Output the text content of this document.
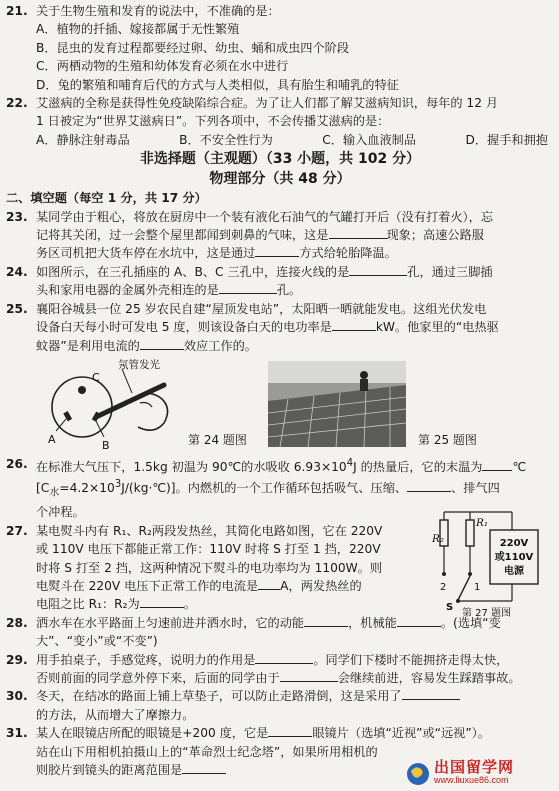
21. 关于生物生殖和发育的说法中，不准确的是：
A．植物的扦插、嫁接都属于无性繁殖
B．昆虫的发育过程都要经过卵、幼虫、蛹和成虫四个阶段
C．两栖动物的生殖和幼体发育必须在水中进行
D．兔的繁殖和哺育后代的方式与人类相似，具有胎生和哺乳的特征
22. 艾滋病的全称是获得性免疫缺陷综合症。为了让人们都了解艾滋病知识，每年的 12 月
1 日被定为“世界艾滋病日”。下列各项中，不会传播艾滋病的是：
A．静脉注射毒品	B．不安全性行为	C．输入血液制品	D．握手和拥抱
非选择题（主观题）（33 小题，共 102 分）
物理部分（共 48 分）
二、填空题（每空 1 分，共 17 分）
23. 某同学由于粗心，将放在厨房中一个装有液化石油气的气罐打开后（没有打着火），忘
记将其关闭，过一会整个屋里都闻到刺鼻的气味，这是	现象；高速公路服
务区司机把大货车停在水坑中，这是通过	方式给轮胎降温。
24. 如图所示，在三孔插座的 A、B、C 三孔中，连接火线的是	孔，通过三脚插
头和家用电器的金属外壳相连的是	孔。
25. 襄阳谷城县一位 25 岁农民自建“屋顶发电站”，太阳晒一晒就能发电。这组光伏发电
设备白天每小时可发电 5 度，则该设备白天的电功率是	kW。他家里的“电热驱
蚊器”是利用电流的	效应工作的。
氖管发光
A	B
C
第 24 题图	第 25 题图
26. 在标准大气压下，1.5kg 初温为 90℃的水吸收 $6.93\times 10^4J$ 的热量后，它的末温为 ℃
$[C_水=4.2\times 10^3J/(kg\cdot℃)]$。内燃机的一个工作循环包括吸气、压缩、	、排气四
个冲程。
27. 某电熨斗内有 R₁、R₂两段发热丝，其简化电路如图，它在 220V
或 110V 电压下都能正常工作：110V 时将 S 打至 1 挡，220V
时将 S 打至 2 挡，这两种情况下熨斗的电功率均为 1100W。则
电熨斗在 220V 电压下正常工作的电流是 A，两发热丝的
电阻之比 R₁：R₂为	。
R₂
R₁
220V
或110V
电源
2	1
S
第 27 题图
28. 洒水车在水平路面上匀速前进并洒水时，它的动能	，机械能	。(选填“变
大”、“变小”或“不变”)
29. 用手拍桌子，手感觉疼，说明力的作用是	。同学们下楼时不能拥挤走得太快，
否则前面的同学意外停下来，后面的同学由于	会继续前进，容易发生踩踏事故。
30. 冬天，在结冰的路面上铺上草垫子，可以防止走路滑倒，这是采用了
的方法，从而增大了摩擦力。
31. 某人在眼镜店所配的眼镜是+200 度，它是	眼镜片（选填“近视”或“远视”）。
站在山下用相机拍摄山上的“革命烈士纪念塔”，如果所用相机的
则胶片到镜头的距离范围是	出国留学网
www.liuxue86.com
